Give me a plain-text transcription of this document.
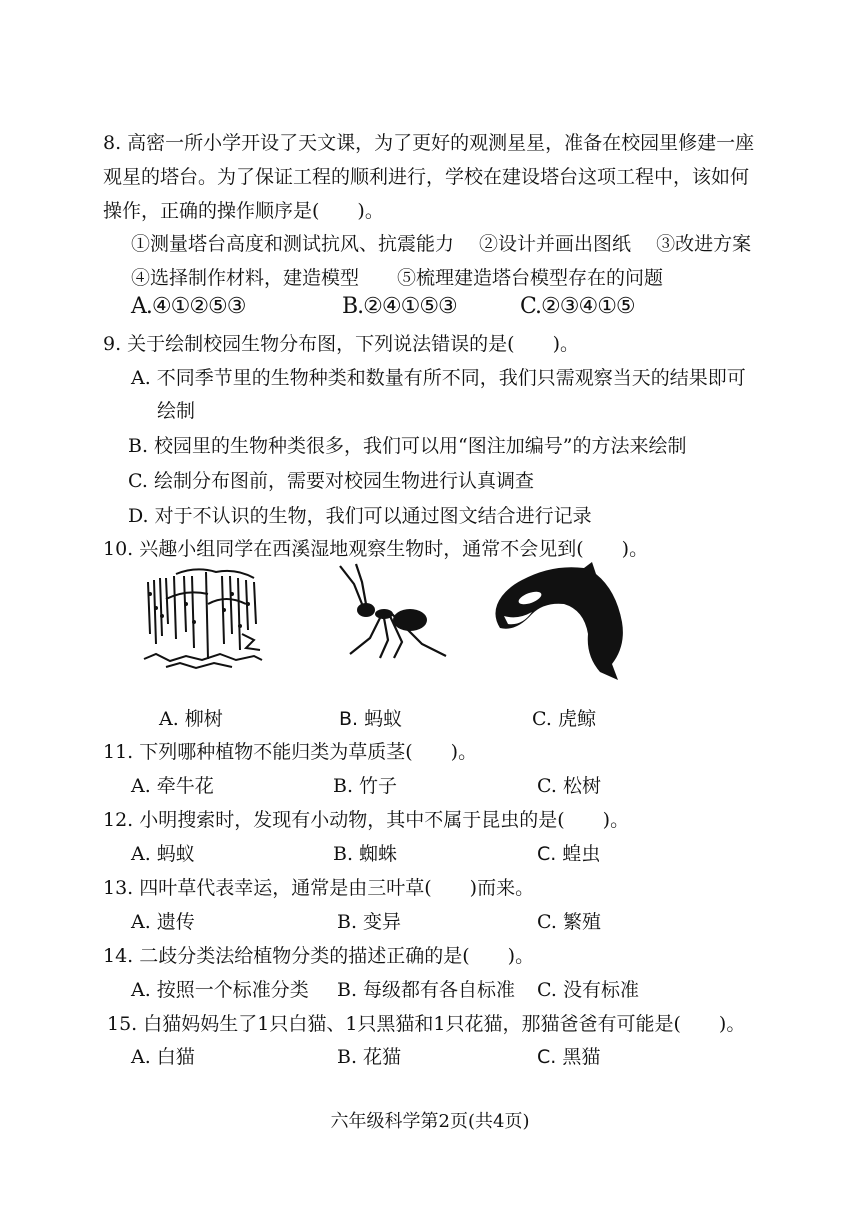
8. 高密一所小学开设了天文课，为了更好的观测星星，准备在校园里修建一座
观星的塔台。为了保证工程的顺利进行，学校在建设塔台这项工程中，该如何
操作，正确的操作顺序是(　　)。
①测量塔台高度和测试抗风、抗震能力　 ②设计并画出图纸　 ③改进方案
④选择制作材料，建造模型　　⑤梳理建造塔台模型存在的问题
A.④①②⑤③	B.②④①⑤③	C.②③④①⑤
9. 关于绘制校园生物分布图，下列说法错误的是(　　)。
A. 不同季节里的生物种类和数量有所不同，我们只需观察当天的结果即可
绘制
B. 校园里的生物种类很多，我们可以用“图注加编号”的方法来绘制
C. 绘制分布图前，需要对校园生物进行认真调查
D. 对于不认识的生物，我们可以通过图文结合进行记录
10. 兴趣小组同学在西溪湿地观察生物时，通常不会见到(　　)。
A. 柳树	B. 蚂蚁	C. 虎鲸
11. 下列哪种植物不能归类为草质茎(　　)。
A. 牵牛花	B. 竹子	C. 松树
12. 小明搜索时，发现有小动物，其中不属于昆虫的是(　　)。
A. 蚂蚁	B. 蜘蛛	C. 蝗虫
13. 四叶草代表幸运，通常是由三叶草(　　)而来。
A. 遗传	B. 变异	C. 繁殖
14. 二歧分类法给植物分类的描述正确的是(　　)。
A. 按照一个标准分类 B. 每级都有各自标准 C. 没有标准
15. 白猫妈妈生了1只白猫、1只黑猫和1只花猫，那猫爸爸有可能是(　　)。
A. 白猫	B. 花猫	C. 黑猫
六年级科学第2页(共4页)
